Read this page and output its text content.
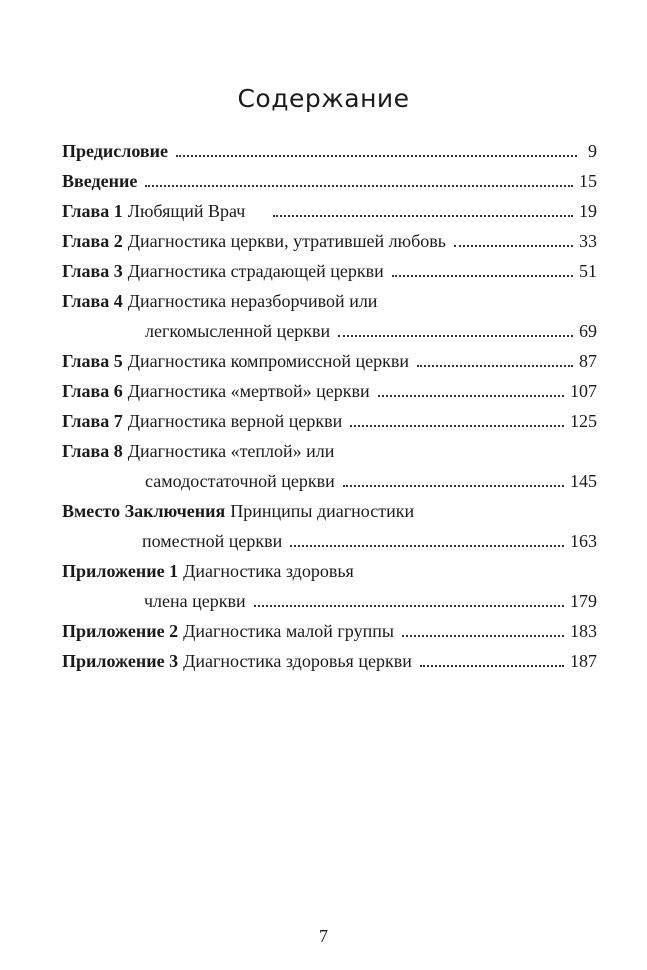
Содержание
Предисловие	9
Введение	15
Глава 1 Любящий Врач	19
Глава 2 Диагностика церкви, утратившей любовь	33
Глава 3 Диагностика страдающей церкви	51
Глава 4 Диагностика неразборчивой или
легкомысленной церкви	69
Глава 5 Диагностика компромиссной церкви	87
Глава 6 Диагностика «мертвой» церкви	107
Глава 7 Диагностика верной церкви	125
Глава 8 Диагностика «теплой» или
самодостаточной церкви	145
Вместо Заключения Принципы диагностики
поместной церкви	163
Приложение 1 Диагностика здоровья
члена церкви	179
Приложение 2 Диагностика малой группы	183
Приложение 3 Диагностика здоровья церкви	187
7
